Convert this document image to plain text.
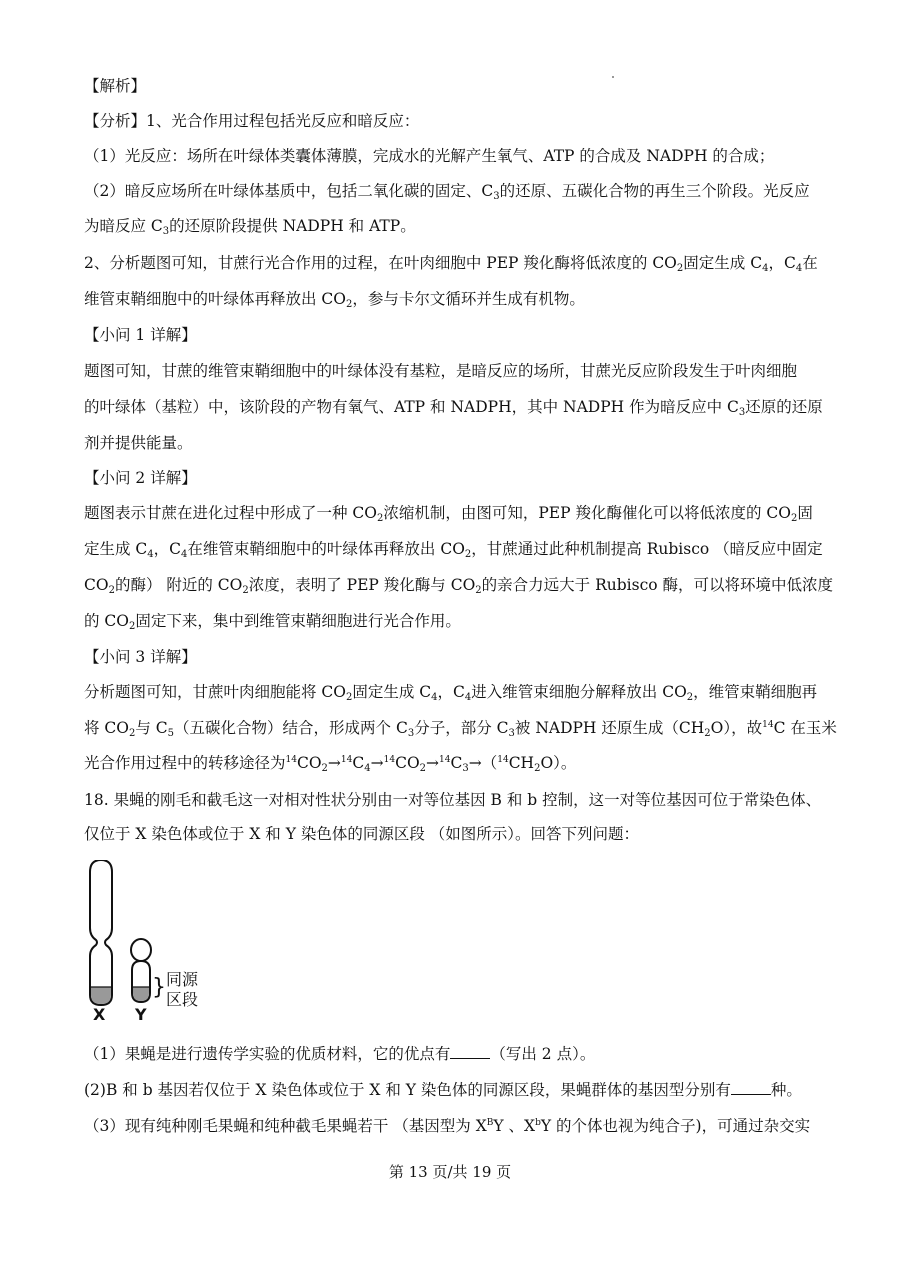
【解析】
【分析】1、光合作用过程包括光反应和暗反应：
（1）光反应：场所在叶绿体类囊体薄膜，完成水的光解产生氧气、ATP 的合成及 NADPH 的合成；
（2）暗反应场所在叶绿体基质中，包括二氧化碳的固定、C3的还原、五碳化合物的再生三个阶段。光反应
为暗反应 C3的还原阶段提供 NADPH 和 ATP。
2、分析题图可知，甘蔗行光合作用的过程，在叶肉细胞中 PEP 羧化酶将低浓度的 CO2固定生成 C4，C4在
维管束鞘细胞中的叶绿体再释放出 CO2，参与卡尔文循环并生成有机物。
【小问 1 详解】
题图可知，甘蔗的维管束鞘细胞中的叶绿体没有基粒，是暗反应的场所，甘蔗光反应阶段发生于叶肉细胞
的叶绿体（基粒）中，该阶段的产物有氧气、ATP 和 NADPH，其中 NADPH 作为暗反应中 C3还原的还原
剂并提供能量。
【小问 2 详解】
题图表示甘蔗在进化过程中形成了一种 CO2浓缩机制，由图可知，PEP 羧化酶催化可以将低浓度的 CO2固
定生成 C4，C4在维管束鞘细胞中的叶绿体再释放出 CO2，甘蔗通过此种机制提高 Rubisco （暗反应中固定
CO2的酶） 附近的 CO2浓度，表明了 PEP 羧化酶与 CO2的亲合力远大于 Rubisco 酶，可以将环境中低浓度
的 CO2固定下来，集中到维管束鞘细胞进行光合作用。
【小问 3 详解】
分析题图可知，甘蔗叶肉细胞能将 CO2固定生成 C4，C4进入维管束细胞分解释放出 CO2，维管束鞘细胞再
将 CO2与 C5（五碳化合物）结合，形成两个 C3分子，部分 C3被 NADPH 还原生成（CH2O），故$^{14}$C 在玉米
光合作用过程中的转移途径为$^{14}$CO2→$^{14}$C4→$^{14}$CO2→$^{14}$C3→（$^{14}$CH2O）。
18. 果蝇的刚毛和截毛这一对相对性状分别由一对等位基因 B 和 b 控制，这一对等位基因可位于常染色体、
仅位于 X 染色体或位于 X 和 Y 染色体的同源区段 （如图所示）。回答下列问题：
X Y
} 同源
区段
（1）果蝇是进行遗传学实验的优质材料，它的优点有	（写出 2 点）。
(2)B 和 b 基因若仅位于 X 染色体或位于 X 和 Y 染色体的同源区段，果蝇群体的基因型分别有	种。
（3）现有纯种刚毛果蝇和纯种截毛果蝇若干 （基因型为 $X^BY$ 、$X^bY$ 的个体也视为纯合子)，可通过杂交实
第 13 页/共 19 页
